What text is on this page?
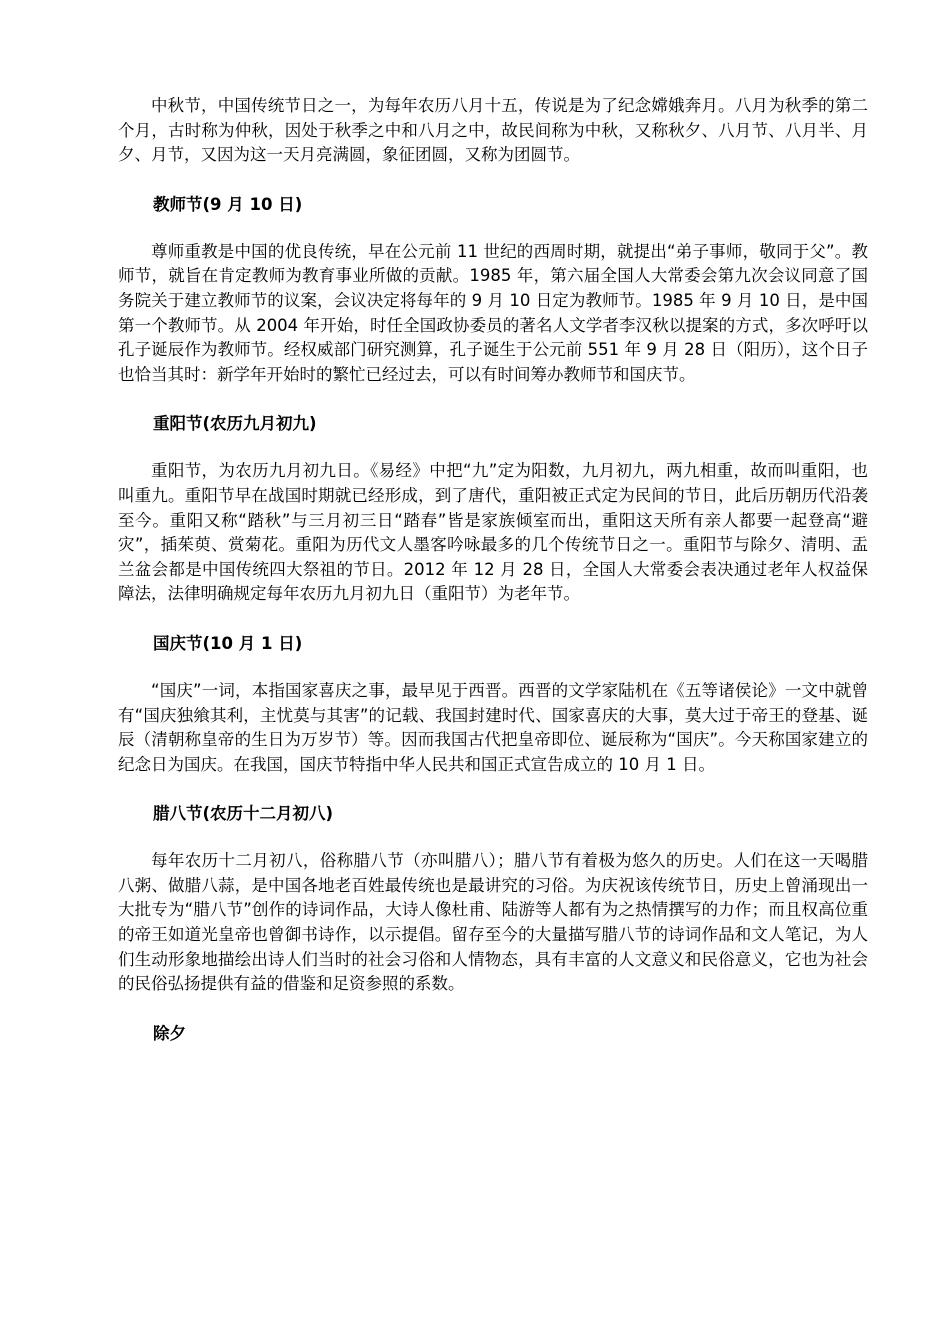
中秋节，中国传统节日之一，为每年农历八月十五，传说是为了纪念嫦娥奔月。八月为秋季的第二个月，古时称为仲秋，因处于秋季之中和八月之中，故民间称为中秋，又称秋夕、八月节、八月半、月夕、月节，又因为这一天月亮满圆，象征团圆，又称为团圆节。

教师节(9 月 10 日)

尊师重教是中国的优良传统，早在公元前 11 世纪的西周时期，就提出“弟子事师，敬同于父”。教师节，就旨在肯定教师为教育事业所做的贡献。1985 年，第六届全国人大常委会第九次会议同意了国务院关于建立教师节的议案，会议决定将每年的 9 月 10 日定为教师节。1985 年 9 月 10 日，是中国第一个教师节。从 2004 年开始，时任全国政协委员的著名人文学者李汉秋以提案的方式，多次呼吁以孔子诞辰作为教师节。经权威部门研究测算，孔子诞生于公元前 551 年 9 月 28 日（阳历），这个日子也恰当其时：新学年开始时的繁忙已经过去，可以有时间筹办教师节和国庆节。

重阳节(农历九月初九)

重阳节，为农历九月初九日。《易经》中把“九”定为阳数，九月初九，两九相重，故而叫重阳，也叫重九。重阳节早在战国时期就已经形成，到了唐代，重阳被正式定为民间的节日，此后历朝历代沿袭至今。重阳又称“踏秋”与三月初三日“踏春”皆是家族倾室而出，重阳这天所有亲人都要一起登高“避灾”，插茱萸、赏菊花。重阳为历代文人墨客吟咏最多的几个传统节日之一。重阳节与除夕、清明、盂兰盆会都是中国传统四大祭祖的节日。2012 年 12 月 28 日，全国人大常委会表决通过老年人权益保障法，法律明确规定每年农历九月初九日（重阳节）为老年节。

国庆节(10 月 1 日)

“国庆”一词，本指国家喜庆之事，最早见于西晋。西晋的文学家陆机在《五等诸侯论》一文中就曾有“国庆独飨其利，主忧莫与其害”的记载、我国封建时代、国家喜庆的大事，莫大过于帝王的登基、诞辰（清朝称皇帝的生日为万岁节）等。因而我国古代把皇帝即位、诞辰称为“国庆”。今天称国家建立的纪念日为国庆。在我国，国庆节特指中华人民共和国正式宣告成立的 10 月 1 日。

腊八节(农历十二月初八)

每年农历十二月初八，俗称腊八节（亦叫腊八）；腊八节有着极为悠久的历史。人们在这一天喝腊八粥、做腊八蒜，是中国各地老百姓最传统也是最讲究的习俗。为庆祝该传统节日，历史上曾涌现出一大批专为“腊八节”创作的诗词作品，大诗人像杜甫、陆游等人都有为之热情撰写的力作；而且权高位重的帝王如道光皇帝也曾御书诗作，以示提倡。留存至今的大量描写腊八节的诗词作品和文人笔记，为人们生动形象地描绘出诗人们当时的社会习俗和人情物态，具有丰富的人文意义和民俗意义，它也为社会的民俗弘扬提供有益的借鉴和足资参照的系数。

除夕
